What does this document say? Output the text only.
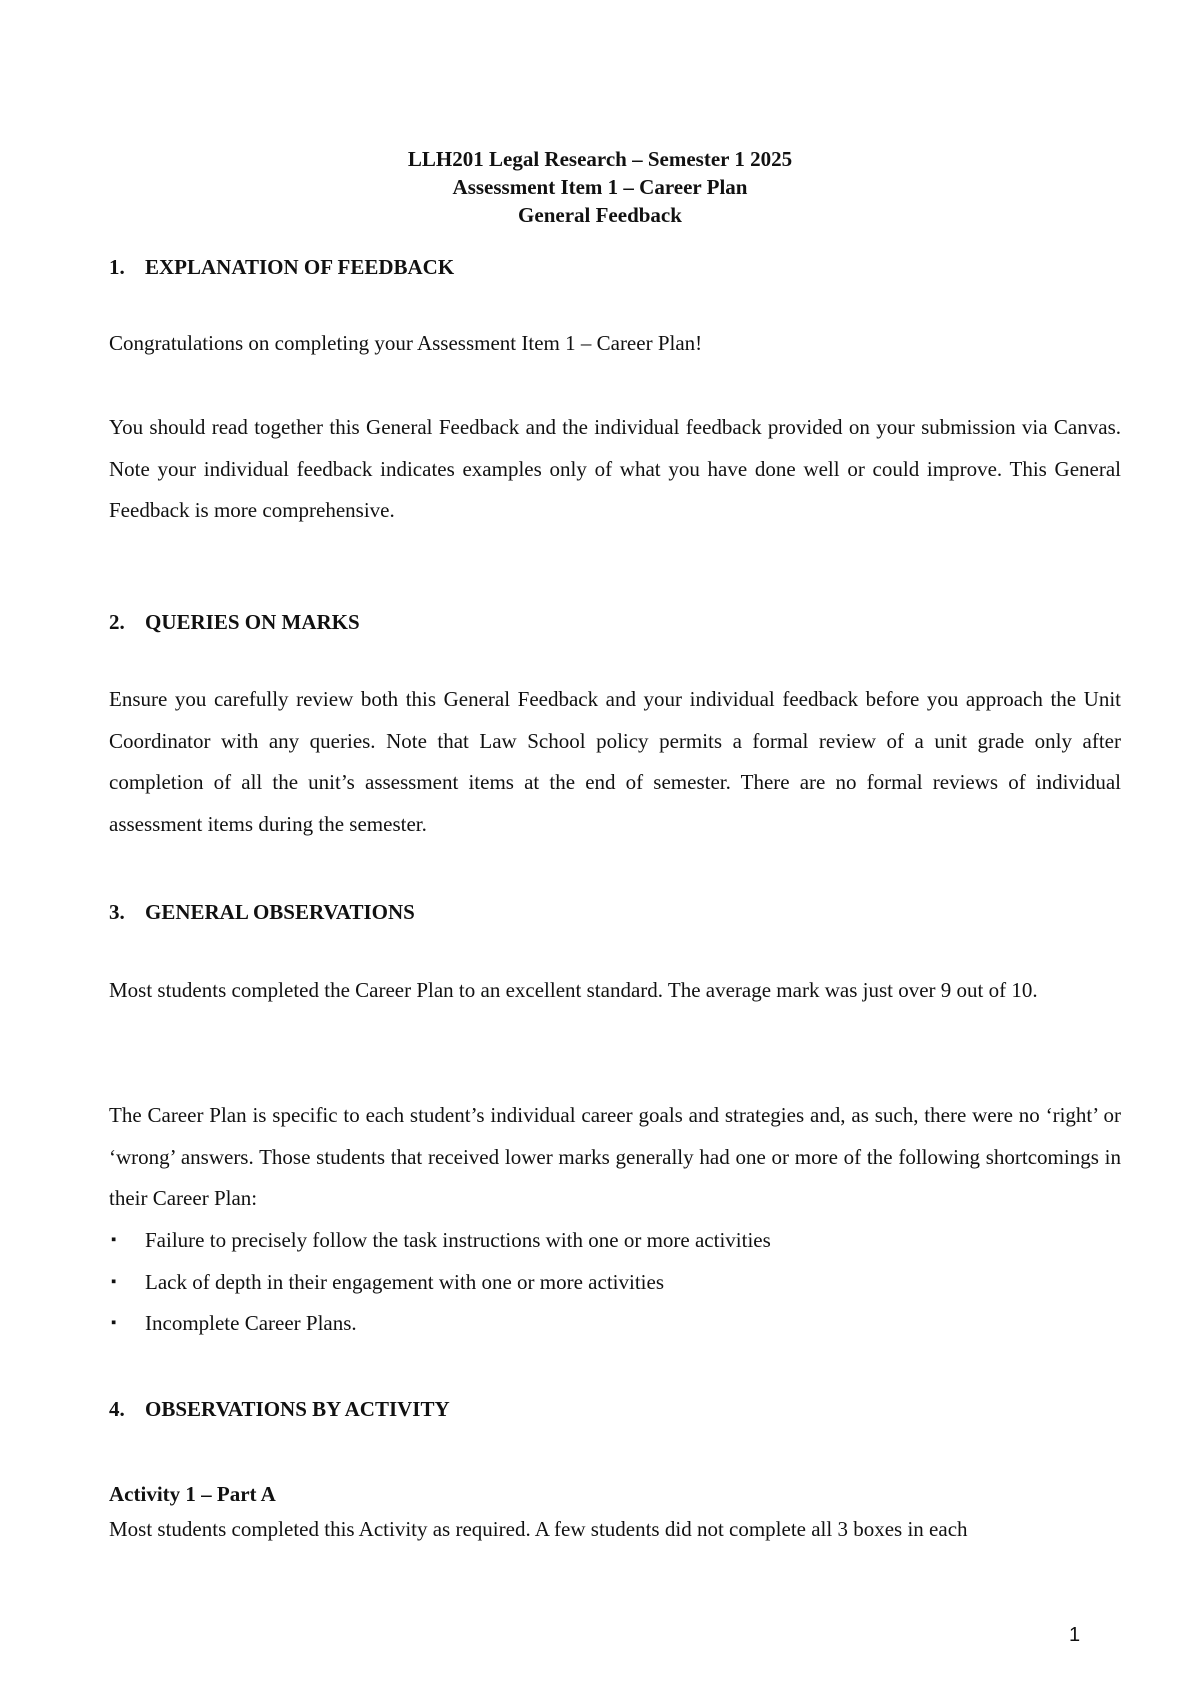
LLH201 Legal Research – Semester 1 2025
Assessment Item 1 – Career Plan
General Feedback
1. EXPLANATION OF FEEDBACK
Congratulations on completing your Assessment Item 1 – Career Plan!
You should read together this General Feedback and the individual feedback provided on your submission via Canvas. Note your individual feedback indicates examples only of what you have done well or could improve. This General Feedback is more comprehensive.
2. QUERIES ON MARKS
Ensure you carefully review both this General Feedback and your individual feedback before you approach the Unit Coordinator with any queries. Note that Law School policy permits a formal review of a unit grade only after completion of all the unit’s assessment items at the end of semester. There are no formal reviews of individual assessment items during the semester.
3. GENERAL OBSERVATIONS
Most students completed the Career Plan to an excellent standard. The average mark was just over 9 out of 10.
The Career Plan is specific to each student’s individual career goals and strategies and, as such, there were no ‘right’ or ‘wrong’ answers. Those students that received lower marks generally had one or more of the following shortcomings in their Career Plan:
▪ Failure to precisely follow the task instructions with one or more activities
▪ Lack of depth in their engagement with one or more activities
▪ Incomplete Career Plans.
4. OBSERVATIONS BY ACTIVITY
Activity 1 – Part A
Most students completed this Activity as required. A few students did not complete all 3 boxes in each
1
